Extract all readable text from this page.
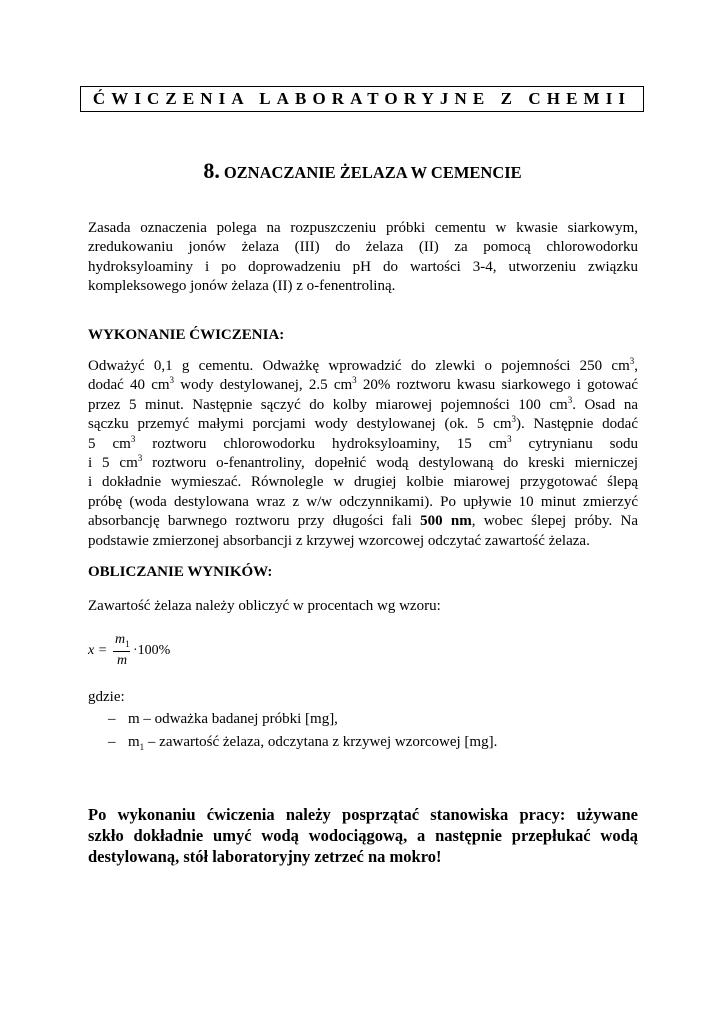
ĆWICZENIA LABORATORYJNE Z CHEMII
8. OZNACZANIE ŻELAZA W CEMENCIE
Zasada oznaczenia polega na rozpuszczeniu próbki cementu w kwasie siarkowym,
zredukowaniu jonów żelaza (III) do żelaza (II) za pomocą chlorowodorku
hydroksyloaminy i po doprowadzeniu pH do wartości 3-4, utworzeniu związku
kompleksowego jonów żelaza (II) z o-fenentroliną.
WYKONANIE ĆWICZENIA:
Odważyć 0,1 g cementu. Odważkę wprowadzić do zlewki o pojemności 250 $cm^3$,
dodać 40 $cm^3$ wody destylowanej, 2.5 $cm^3$ 20% roztworu kwasu siarkowego i gotować
przez 5 minut. Następnie sączyć do kolby miarowej pojemności 100 $cm^3$. Osad na
sączku przemyć małymi porcjami wody destylowanej (ok. 5 $cm^3$). Następnie dodać
5 $cm^3$ roztworu chlorowodorku hydroksyloaminy, 15 $cm^3$ cytrynianu sodu
i 5 $cm^3$ roztworu o-fenantroliny, dopełnić wodą destylowaną do kreski mierniczej
i dokładnie wymieszać. Równolegle w drugiej kolbie miarowej przygotować ślepą
próbę (woda destylowana wraz z w/w odczynnikami). Po upływie 10 minut zmierzyć
absorbancję barwnego roztworu przy długości fali 500 nm, wobec ślepej próby. Na
podstawie zmierzonej absorbancji z krzywej wzorcowej odczytać zawartość żelaza.
OBLICZANIE WYNIKÓW:
Zawartość żelaza należy obliczyć w procentach wg wzoru:
x =
$m_1$
m
·100%
gdzie:
– m – odważka badanej próbki [mg],
– $m_1$ – zawartość żelaza, odczytana z krzywej wzorcowej [mg].
Po wykonaniu ćwiczenia należy posprzątać stanowiska pracy: używane
szkło dokładnie umyć wodą wodociągową, a następnie przepłukać wodą
destylowaną, stół laboratoryjny zetrzeć na mokro!
